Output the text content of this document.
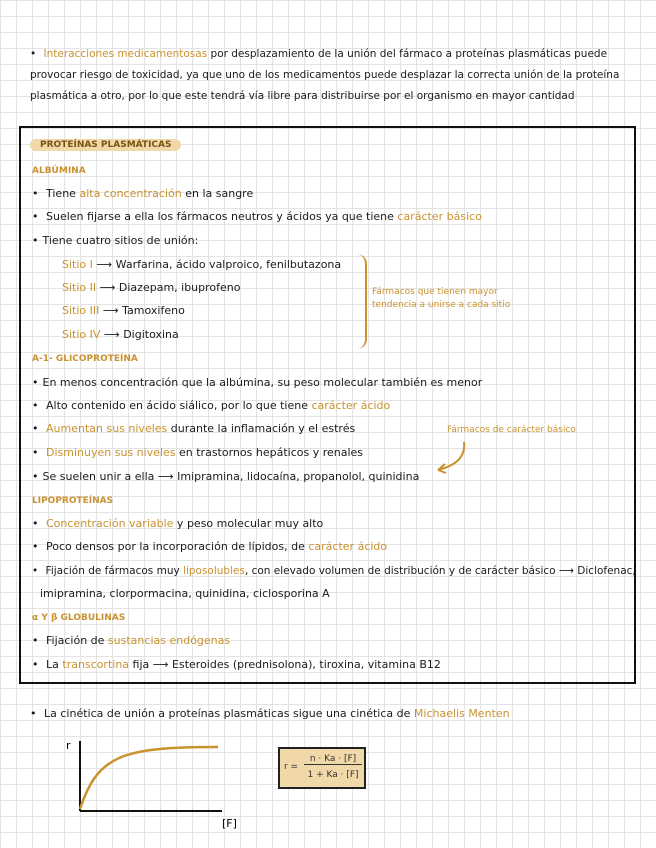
• Interacciones medicamentosas por desplazamiento de la unión del fármaco a proteínas plasmáticas puede provocar riesgo de toxicidad, ya que uno de los medicamentos puede desplazar la correcta unión de la proteína plasmática a otro, por lo que este tendrá vía libre para distribuirse por el organismo en mayor cantidad
PROTEÍNAS PLASMÁTICAS
ALBÚMINA
• Tiene alta concentración en la sangre
• Suelen fijarse a ella los fármacos neutros y ácidos ya que tiene carácter básico
• Tiene cuatro sitios de unión:
Sitio I ⟶ Warfarina, ácido valproico, fenilbutazona
Sitio II ⟶ Diazepam, ibuprofeno
Sitio III ⟶ Tamoxifeno
Sitio IV ⟶ Digitoxina
Fármacos que tienen mayor
tendencia a unirse a cada sitio
A-1- GLICOPROTEÍNA
• En menos concentración que la albúmina, su peso molecular también es menor
• Alto contenido en ácido siálico, por lo que tiene carácter ácido
• Aumentan sus niveles durante la inflamación y el estrés
• Disminuyen sus niveles en trastornos hepáticos y renales
• Se suelen unir a ella ⟶ Imipramina, lidocaína, propanolol, quinidina
Fármacos de carácter básico
LIPOPROTEÍNAS
• Concentración variable y peso molecular muy alto
• Poco densos por la incorporación de lípidos, de carácter ácido
• Fijación de fármacos muy liposolubles, con elevado volumen de distribución y de carácter básico ⟶ Diclofenac,
imipramina, clorpormacina, quinidina, ciclosporina A
α Y β GLOBULINAS
• Fijación de sustancias endógenas
• La transcortina fija ⟶ Esteroides (prednisolona), tiroxina, vitamina B12
• La cinética de unión a proteínas plasmáticas sigue una cinética de Michaelis Menten
r
[F]
r =
n · Ka · [F]
1 + Ka · [F]
